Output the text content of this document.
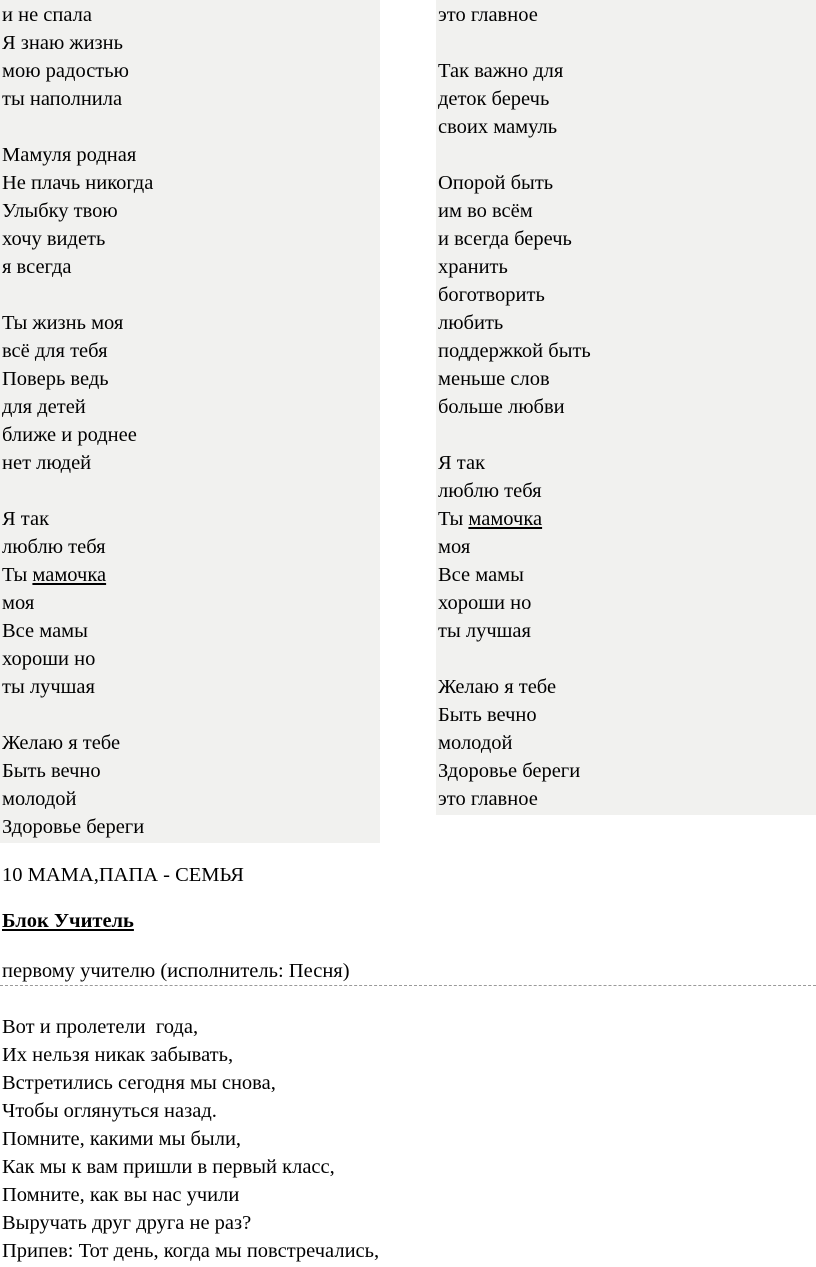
и не спала
Я знаю жизнь
мою радостью
ты наполнила
Мамуля родная
Не плачь никогда
Улыбку твою
хочу видеть
я всегда
Ты жизнь моя
всё для тебя
Поверь ведь
для детей
ближе и роднее
нет людей
Я так
люблю тебя
Ты мамочка
моя
Все мамы
хороши но
ты лучшая
Желаю я тебе
Быть вечно
молодой
Здоровье береги
это главное
Так важно для
деток беречь
своих мамуль
Опорой быть
им во всём
и всегда беречь
хранить
боготворить
любить
поддержкой быть
меньше слов
больше любви
Я так
люблю тебя
Ты мамочка
моя
Все мамы
хороши но
ты лучшая
Желаю я тебе
Быть вечно
молодой
Здоровье береги
это главное
10 МАМА,ПАПА - СЕМЬЯ
Блок Учитель
первому учителю (исполнитель: Песня)
Вот и пролетели  года,
Их нельзя никак забывать,
Встретились сегодня мы снова,
Чтобы оглянуться назад.
Помните, какими мы были,
Как мы к вам пришли в первый класс,
Помните, как вы нас учили
Выручать друг друга не раз?
Припев: Тот день, когда мы повстречались,
